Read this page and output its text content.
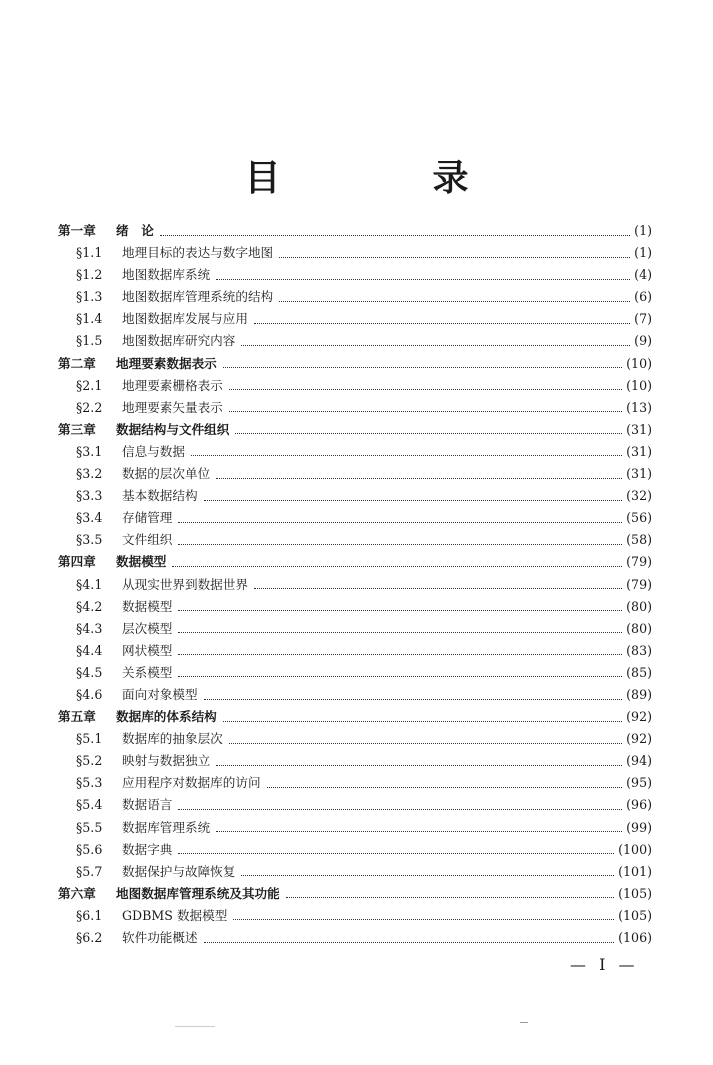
目　录
第一章	绪　论	(1)
§1.1	地理目标的表达与数字地图	(1)
§1.2	地图数据库系统	(4)
§1.3	地图数据库管理系统的结构	(6)
§1.4	地图数据库发展与应用	(7)
§1.5	地图数据库研究内容	(9)
第二章	地理要素数据表示	(10)
§2.1	地理要素栅格表示	(10)
§2.2	地理要素矢量表示	(13)
第三章	数据结构与文件组织	(31)
§3.1	信息与数据	(31)
§3.2	数据的层次单位	(31)
§3.3	基本数据结构	(32)
§3.4	存储管理	(56)
§3.5	文件组织	(58)
第四章	数据模型	(79)
§4.1	从现实世界到数据世界	(79)
§4.2	数据模型	(80)
§4.3	层次模型	(80)
§4.4	网状模型	(83)
§4.5	关系模型	(85)
§4.6	面向对象模型	(89)
第五章	数据库的体系结构	(92)
§5.1	数据库的抽象层次	(92)
§5.2	映射与数据独立	(94)
§5.3	应用程序对数据库的访问	(95)
§5.4	数据语言	(96)
§5.5	数据库管理系统	(99)
§5.6	数据字典	(100)
§5.7	数据保护与故障恢复	(101)
第六章	地图数据库管理系统及其功能	(105)
§6.1	GDBMS 数据模型	(105)
§6.2	软件功能概述	(106)
— I —
